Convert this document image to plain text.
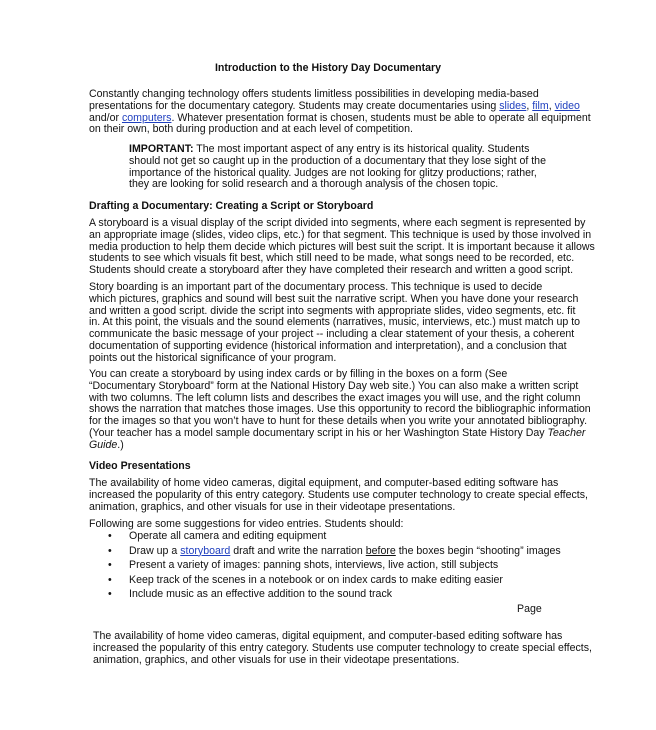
Introduction to the History Day Documentary
Constantly changing technology offers students limitless possibilities in developing media-based
presentations for the documentary category. Students may create documentaries using slides, film, video
and/or computers. Whatever presentation format is chosen, students must be able to operate all equipment
on their own, both during production and at each level of competition.
IMPORTANT: The most important aspect of any entry is its historical quality. Students
should not get so caught up in the production of a documentary that they lose sight of the
importance of the historical quality. Judges are not looking for glitzy productions; rather,
they are looking for solid research and a thorough analysis of the chosen topic.
Drafting a Documentary: Creating a Script or Storyboard
A storyboard is a visual display of the script divided into segments, where each segment is represented by
an appropriate image (slides, video clips, etc.) for that segment. This technique is used by those involved in
media production to help them decide which pictures will best suit the script. It is important because it allows
students to see which visuals fit best, which still need to be made, what songs need to be recorded, etc.
Students should create a storyboard after they have completed their research and written a good script.
Story boarding is an important part of the documentary process. This technique is used to decide
which pictures, graphics and sound will best suit the narrative script. When you have done your research
and written a good script. divide the script into segments with appropriate slides, video segments, etc. fit
in. At this point, the visuals and the sound elements (narratives, music, interviews, etc.) must match up to
communicate the basic message of your project -- including a clear statement of your thesis, a coherent
documentation of supporting evidence (historical information and interpretation), and a conclusion that
points out the historical significance of your program.
You can create a storyboard by using index cards or by filling in the boxes on a form (See
“Documentary Storyboard” form at the National History Day web site.) You can also make a written script
with two columns. The left column lists and describes the exact images you will use, and the right column
shows the narration that matches those images. Use this opportunity to record the bibliographic information
for the images so that you won’t have to hunt for these details when you write your annotated bibliography.
(Your teacher has a model sample documentary script in his or her Washington State History Day Teacher
Guide.)
Video Presentations
The availability of home video cameras, digital equipment, and computer-based editing software has
increased the popularity of this entry category. Students use computer technology to create special effects,
animation, graphics, and other visuals for use in their videotape presentations.
Following are some suggestions for video entries. Students should:
• Operate all camera and editing equipment
• Draw up a storyboard draft and write the narration before the boxes begin “shooting” images
• Present a variety of images: panning shots, interviews, live action, still subjects
• Keep track of the scenes in a notebook or on index cards to make editing easier
• Include music as an effective addition to the sound track
Page
The availability of home video cameras, digital equipment, and computer-based editing software has
increased the popularity of this entry category. Students use computer technology to create special effects,
animation, graphics, and other visuals for use in their videotape presentations.
